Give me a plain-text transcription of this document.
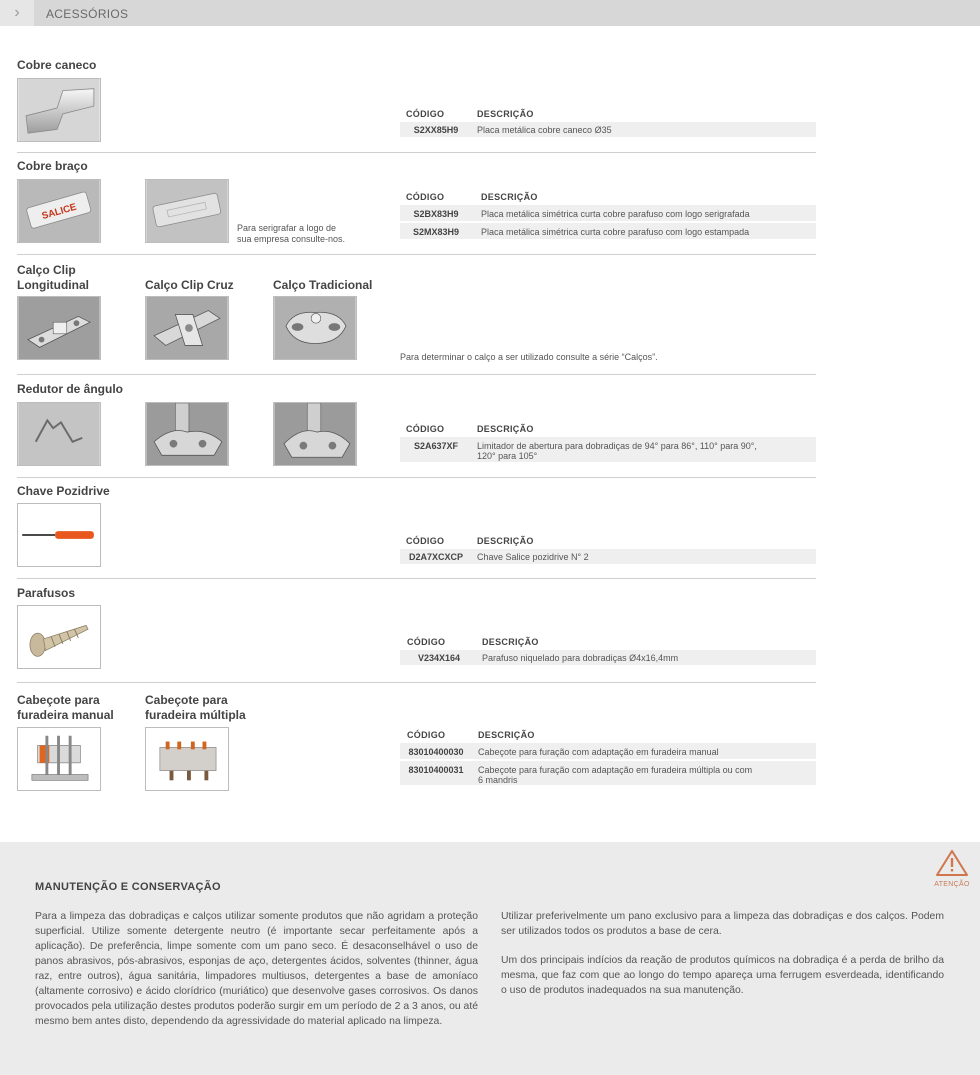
›	ACESSÓRIOS
Cobre caneco
CÓDIGO	DESCRIÇÃO
S2XX85H9	Placa metálica cobre caneco Ø35
Cobre braço
SALICE
Para serigrafar a logo de
sua empresa consulte-nos.
CÓDIGO	DESCRIÇÃO
S2BX83H9	Placa metálica simétrica curta cobre parafuso com logo serigrafada
S2MX83H9	Placa metálica simétrica curta cobre parafuso com logo estampada
Calço Clip
Longitudinal	Calço Clip Cruz	Calço Tradicional
Para determinar o calço a ser utilizado consulte a série “Calços”.
Redutor de ângulo
CÓDIGO	DESCRIÇÃO
S2A637XF	Limitador de abertura para dobradiças de 94° para 86°, 110° para 90°,
120° para 105°
Chave Pozidrive
CÓDIGO	DESCRIÇÃO
D2A7XCXCP	Chave Salice pozidrive N° 2
Parafusos
CÓDIGO	DESCRIÇÃO
V234X164	Parafuso niquelado para dobradiças Ø4x16,4mm
Cabeçote para
furadeira manual
Cabeçote para
furadeira múltipla
CÓDIGO	DESCRIÇÃO
83010400030	Cabeçote para furação com adaptação em furadeira manual
83010400031	Cabeçote para furação com adaptação em furadeira múltipla ou com
6 mandris
ATENÇÃO
MANUTENÇÃO E CONSERVAÇÃO
Para a limpeza das dobradiças e calços utilizar somente produtos que não agridam a proteção superficial. Utilize somente detergente neutro (é importante secar perfeitamente após a aplicação). De preferência, limpe somente com um pano seco. É desaconselhável o uso de panos abrasivos, pós-abrasivos, esponjas de aço, detergentes ácidos, solventes (thinner, água raz, entre outros), água sanitária, limpadores multiusos, detergentes a base de amoníaco (altamente corrosivo) e ácido clorídrico (muriático) que desenvolve gases corrosivos. Os danos provocados pela utilização destes produtos poderão surgir em um período de 2 a 3 anos, ou até mesmo bem antes disto, dependendo da agressividade do material aplicado na limpeza.
Utilizar preferivelmente um pano exclusivo para a limpeza das dobradiças e dos calços. Podem ser utilizados todos os produtos a base de cera.
Um dos principais indícios da reação de produtos químicos na dobradiça é a perda de brilho da mesma, que faz com que ao longo do tempo apareça uma ferrugem esverdeada, identificando o uso de produtos inadequados na sua manutenção.
